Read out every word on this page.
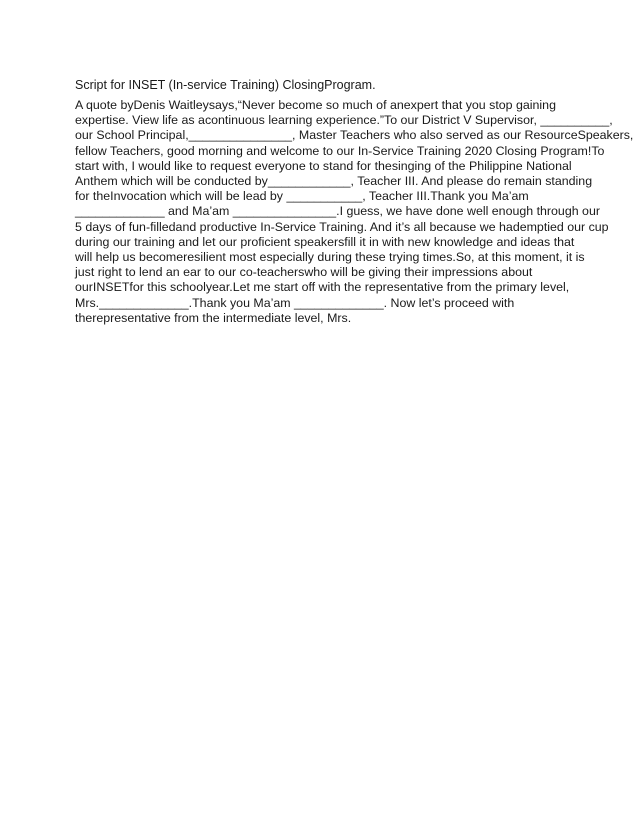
Script for INSET (In-service Training) ClosingProgram.

A quote byDenis Waitleysays,“Never become so much of anexpert that you stop gaining
expertise. View life as acontinuous learning experience.”To our District V Supervisor, __________,
our School Principal,_______________, Master Teachers who also served as our ResourceSpeakers,
fellow Teachers, good morning and welcome to our In-Service Training 2020 Closing Program!To
start with, I would like to request everyone to stand for thesinging of the Philippine National
Anthem which will be conducted by____________, Teacher III. And please do remain standing
for theInvocation which will be lead by ___________, Teacher III.Thank you Ma’am
_____________ and Ma’am _______________.I guess, we have done well enough through our
5 days of fun-filledand productive In-Service Training. And it’s all because we hademptied our cup
during our training and let our proficient speakersfill it in with new knowledge and ideas that
will help us becomeresilient most especially during these trying times.So, at this moment, it is
just right to lend an ear to our co-teacherswho will be giving their impressions about
ourINSETfor this schoolyear.Let me start off with the representative from the primary level,
Mrs._____________.Thank you Ma’am _____________. Now let’s proceed with
therepresentative from the intermediate level, Mrs.
